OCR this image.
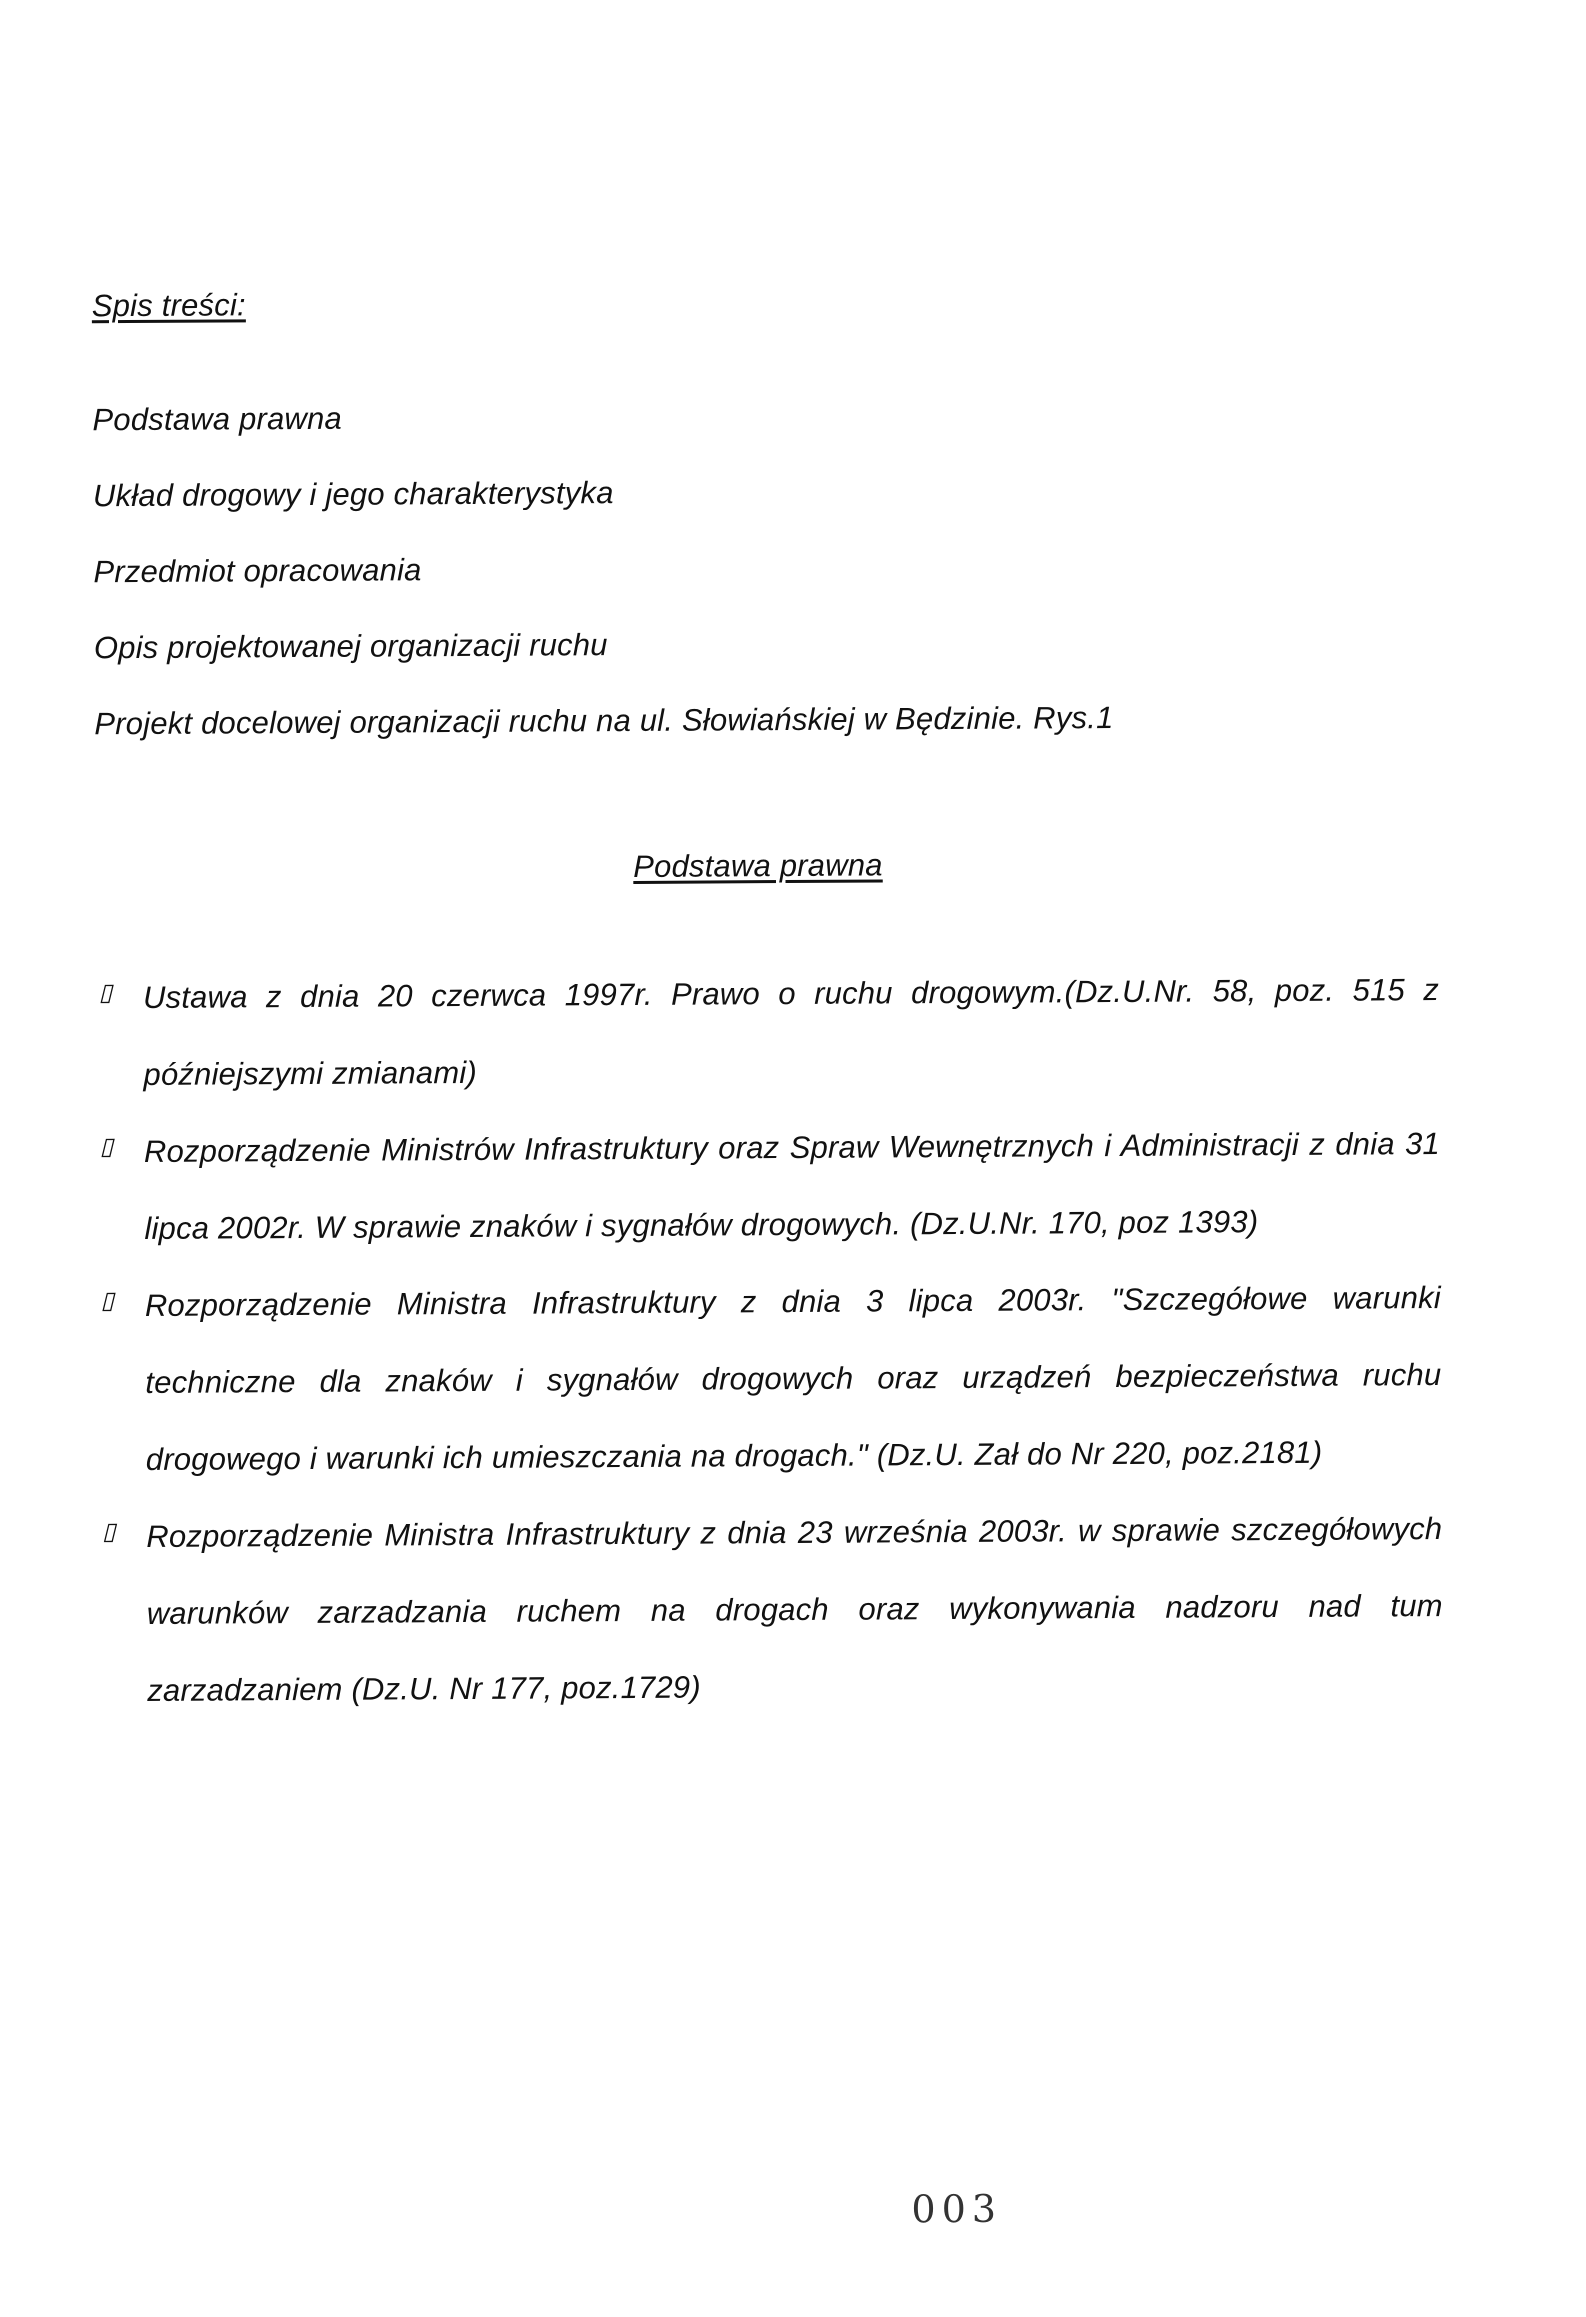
Spis treści:
Podstawa prawna
Układ drogowy i jego charakterystyka
Przedmiot opracowania
Opis projektowanej organizacji ruchu
Projekt docelowej organizacji ruchu na ul. Słowiańskiej w Będzinie. Rys.1
Podstawa prawna
▯ Ustawa z dnia 20 czerwca 1997r. Prawo o ruchu drogowym.(Dz.U.Nr. 58, poz. 515 z późniejszymi zmianami)
▯ Rozporządzenie Ministrów Infrastruktury oraz Spraw Wewnętrznych i Administracji z dnia 31 lipca 2002r. W sprawie znaków i sygnałów drogowych. (Dz.U.Nr. 170, poz 1393)
▯ Rozporządzenie Ministra Infrastruktury z dnia 3 lipca 2003r. "Szczegółowe warunki techniczne dla znaków i sygnałów drogowych oraz urządzeń bezpieczeństwa ruchu drogowego i warunki ich umieszczania na drogach." (Dz.U. Zał do Nr 220, poz.2181)
▯ Rozporządzenie Ministra Infrastruktury z dnia 23 września 2003r. w sprawie szczegółowych warunków zarzadzania ruchem na drogach oraz wykonywania nadzoru nad tum zarzadzaniem (Dz.U. Nr 177, poz.1729)
003
